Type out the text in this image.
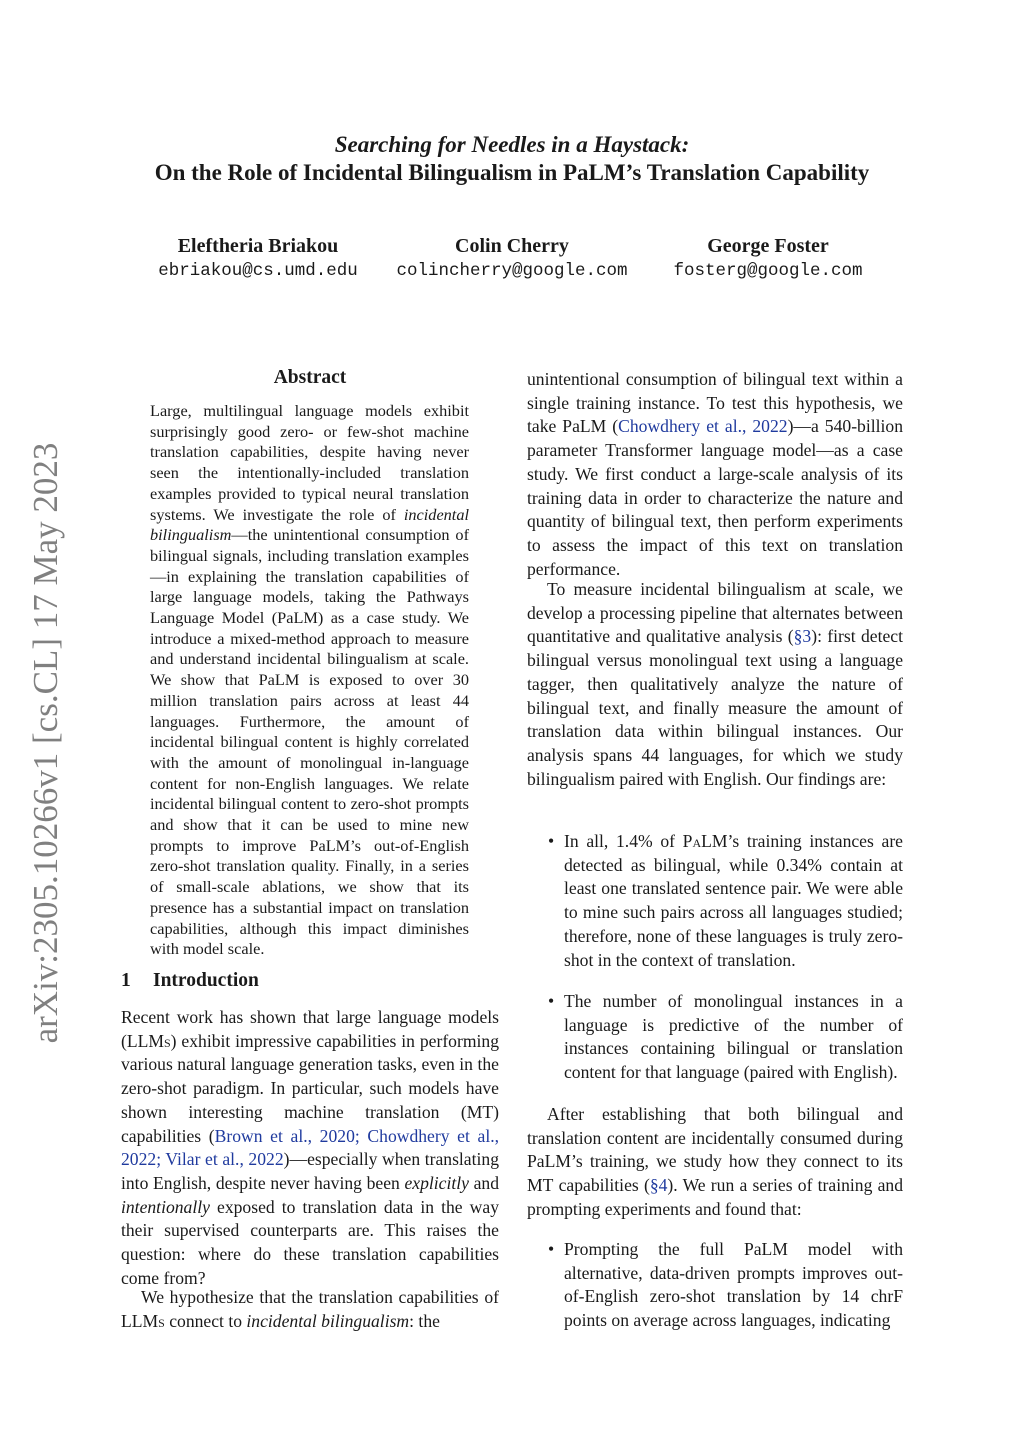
Searching for Needles in a Haystack:
On the Role of Incidental Bilingualism in PaLM’s Translation Capability
Eleftheria Briakou
ebriakou@cs.umd.edu
Colin Cherry
colincherry@google.com
George Foster
fosterg@google.com
arXiv:2305.10266v1 [cs.CL] 17 May 2023
Abstract

Large, multilingual language models exhibit surprisingly good zero- or few-shot machine translation capabilities, despite having never seen the intentionally-included translation examples provided to typical neural translation systems. We investigate the role of incidental bilingualism—the unintentional consumption of bilingual signals, including translation examples—in explaining the translation capabilities of large language models, taking the Pathways Language Model (PaLM) as a case study. We introduce a mixed-method approach to measure and understand incidental bilingualism at scale. We show that PaLM is exposed to over 30 million translation pairs across at least 44 languages. Furthermore, the amount of incidental bilingual content is highly correlated with the amount of monolingual in-language content for non-English languages. We relate incidental bilingual content to zero-shot prompts and show that it can be used to mine new prompts to improve PaLM’s out-of-English zero-shot translation quality. Finally, in a series of small-scale ablations, we show that its presence has a substantial impact on translation capabilities, although this impact diminishes with model scale.

1 Introduction

Recent work has shown that large language models (LLMs) exhibit impressive capabilities in performing various natural language generation tasks, even in the zero-shot paradigm. In particular, such models have shown interesting machine translation (MT) capabilities (Brown et al., 2020; Chowdhery et al., 2022; Vilar et al., 2022)—especially when translating into English, despite never having been explicitly and intentionally exposed to translation data in the way their supervised counterparts are. This raises the question: where do these translation capabilities come from?

We hypothesize that the translation capabilities of LLMs connect to incidental bilingualism: the

unintentional consumption of bilingual text within a single training instance. To test this hypothesis, we take PaLM (Chowdhery et al., 2022)—a 540-billion parameter Transformer language model—as a case study. We first conduct a large-scale analysis of its training data in order to characterize the nature and quantity of bilingual text, then perform experiments to assess the impact of this text on translation performance.

To measure incidental bilingualism at scale, we develop a processing pipeline that alternates between quantitative and qualitative analysis (§3): first detect bilingual versus monolingual text using a language tagger, then qualitatively analyze the nature of bilingual text, and finally measure the amount of translation data within bilingual instances. Our analysis spans 44 languages, for which we study bilingualism paired with English. Our findings are:

• In all, 1.4% of PaLM’s training instances are detected as bilingual, while 0.34% contain at least one translated sentence pair. We were able to mine such pairs across all languages studied; therefore, none of these languages is truly zero-shot in the context of translation.
• The number of monolingual instances in a language is predictive of the number of instances containing bilingual or translation content for that language (paired with English).

After establishing that both bilingual and translation content are incidentally consumed during PaLM’s training, we study how they connect to its MT capabilities (§4). We run a series of training and prompting experiments and found that:

• Prompting the full PaLM model with alternative, data-driven prompts improves out-of-English zero-shot translation by 14 chrF points on average across languages, indicating
